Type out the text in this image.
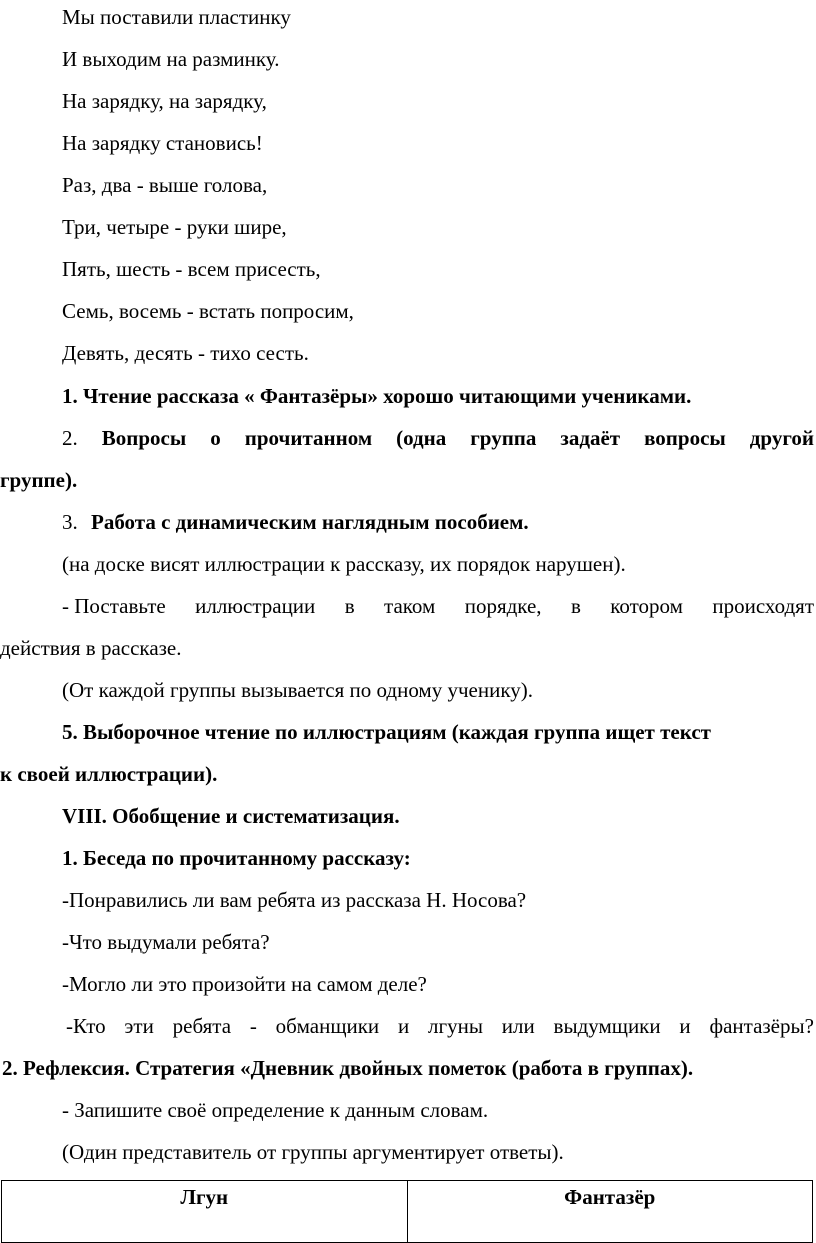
Мы поставили пластинку
И выходим на разминку.
На зарядку, на зарядку,
На зарядку становись!
Раз, два - выше голова,
Три, четыре - руки шире,
Пять, шесть - всем присесть,
Семь, восемь - встать попросим,
Девять, десять - тихо сесть.
1. Чтение рассказа « Фантазёры» хорошо читающими учениками.
2. Вопросы о прочитанном (одна группа задаёт вопросы другой
группе).
3. Работа с динамическим наглядным пособием.
(на доске висят иллюстрации к рассказу, их порядок нарушен).
- Поставьте иллюстрации в таком порядке, в котором происходят
действия в рассказе.
(От каждой группы вызывается по одному ученику).
5. Выборочное чтение по иллюстрациям (каждая группа ищет текст
к своей иллюстрации).
VIII. Обобщение и систематизация.
1. Беседа по прочитанному рассказу:
-Понравились ли вам ребята из рассказа Н. Носова?
-Что выдумали ребята?
-Могло ли это произойти на самом деле?
-Кто эти ребята - обманщики и лгуны или выдумщики и фантазёры?
2. Рефлексия. Стратегия «Дневник двойных пометок (работа в группах).
- Запишите своё определение к данным словам.
(Один представитель от группы аргументирует ответы).
Лгун	Фантазёр
